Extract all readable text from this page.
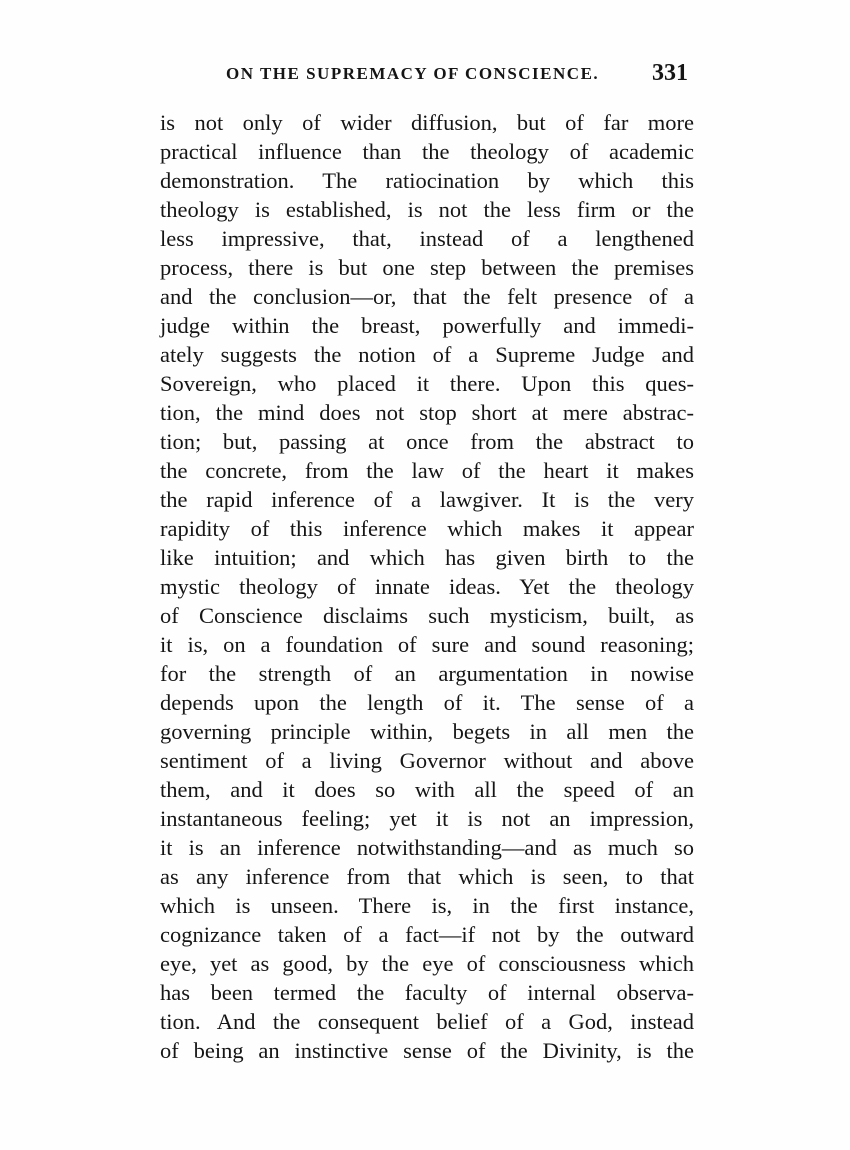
ON THE SUPREMACY OF CONSCIENCE. 331
is not only of wider diffusion, but of far more
practical influence than the theology of academic
demonstration. The ratiocination by which this
theology is established, is not the less firm or the
less impressive, that, instead of a lengthened
process, there is but one step between the premises
and the conclusion—or, that the felt presence of a
judge within the breast, powerfully and immedi-
ately suggests the notion of a Supreme Judge and
Sovereign, who placed it there. Upon this ques-
tion, the mind does not stop short at mere abstrac-
tion; but, passing at once from the abstract to
the concrete, from the law of the heart it makes
the rapid inference of a lawgiver. It is the very
rapidity of this inference which makes it appear
like intuition; and which has given birth to the
mystic theology of innate ideas. Yet the theology
of Conscience disclaims such mysticism, built, as
it is, on a foundation of sure and sound reasoning;
for the strength of an argumentation in nowise
depends upon the length of it. The sense of a
governing principle within, begets in all men the
sentiment of a living Governor without and above
them, and it does so with all the speed of an
instantaneous feeling; yet it is not an impression,
it is an inference notwithstanding—and as much so
as any inference from that which is seen, to that
which is unseen. There is, in the first instance,
cognizance taken of a fact—if not by the outward
eye, yet as good, by the eye of consciousness which
has been termed the faculty of internal observa-
tion. And the consequent belief of a God, instead
of being an instinctive sense of the Divinity, is the
